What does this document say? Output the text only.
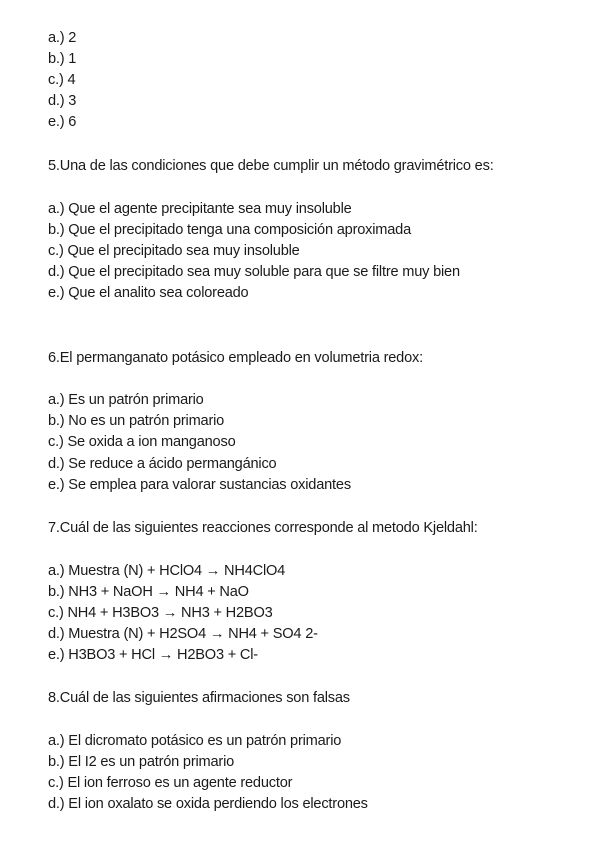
a.) 2
b.) 1
c.) 4
d.) 3
e.) 6
5.Una de las condiciones que debe cumplir un método gravimétrico es:
a.) Que el agente precipitante sea muy insoluble
b.) Que el precipitado tenga una composición aproximada
c.) Que el precipitado sea muy insoluble
d.) Que el precipitado sea muy soluble para que se filtre muy bien
e.) Que el analito sea coloreado
6.El permanganato potásico empleado en volumetria redox:
a.) Es un patrón primario
b.) No es un patrón primario
c.) Se oxida a ion manganoso
d.) Se reduce a ácido permangánico
e.) Se emplea para valorar sustancias oxidantes
7.Cuál de las siguientes reacciones corresponde al metodo Kjeldahl:
a.) Muestra (N) + HClO4 → NH4ClO4
b.) NH3 + NaOH → NH4 + NaO
c.) NH4 + H3BO3 → NH3 + H2BO3
d.) Muestra (N) + H2SO4 → NH4 + SO4 2-
e.) H3BO3 + HCl → H2BO3 + Cl-
8.Cuál de las siguientes afirmaciones son falsas
a.) El dicromato potásico es un patrón primario
b.) El I2 es un patrón primario
c.) El ion ferroso es un agente reductor
d.) El ion oxalato se oxida perdiendo los electrones
